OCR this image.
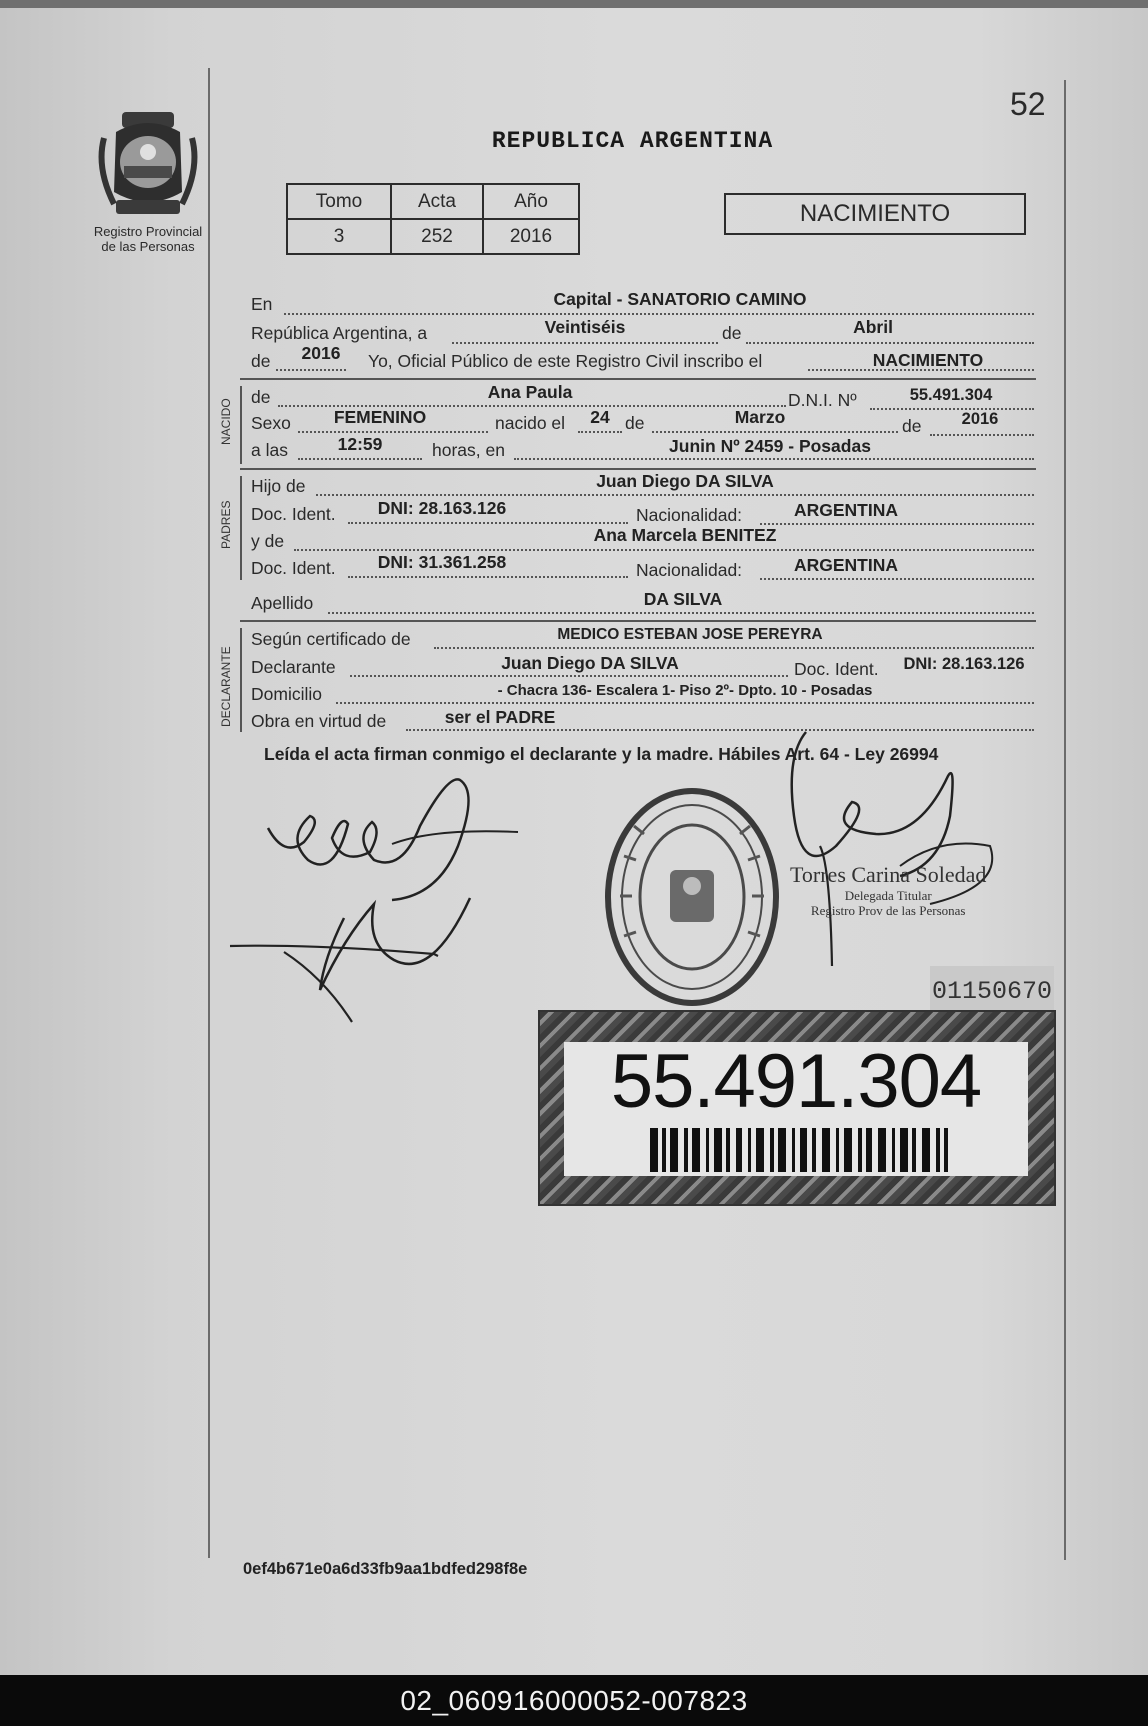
52
Registro Provincial
de las Personas
REPUBLICA ARGENTINA
Tomo	Acta	Año
3	252	2016
NACIMIENTO
En	Capital - SANATORIO CAMINO
República Argentina, a	Veintiséis	de	Abril
de	2016	Yo, Oficial Público de este Registro Civil inscribo el	NACIMIENTO
NACIDO
de	Ana Paula	D.N.I. Nº	55.491.304
Sexo	FEMENINO	nacido el	24 de	Marzo	de	2016
a las	12:59	horas, en	Junin Nº 2459 - Posadas
PADRES
Hijo de	Juan Diego DA SILVA
Doc. Ident.	DNI: 28.163.126	Nacionalidad:	ARGENTINA
y de	Ana Marcela BENITEZ
Doc. Ident.	DNI: 31.361.258	Nacionalidad:	ARGENTINA
Apellido	DA SILVA
DECLARANTE
Según certificado de	MEDICO ESTEBAN JOSE PEREYRA
Declarante	Juan Diego DA SILVA	Doc. Ident.	DNI: 28.163.126
Domicilio	- Chacra 136- Escalera 1- Piso 2º- Dpto. 10 - Posadas
Obra en virtud de	ser el PADRE
Leída el acta firman conmigo el declarante y la madre. Hábiles Art. 64 - Ley 26994
Torres Carina Soledad
Delegada Titular
Registro Prov de las Personas
01150670
55.491.304
0ef4b671e0a6d33fb9aa1bdfed298f8e
02_060916000052-007823
